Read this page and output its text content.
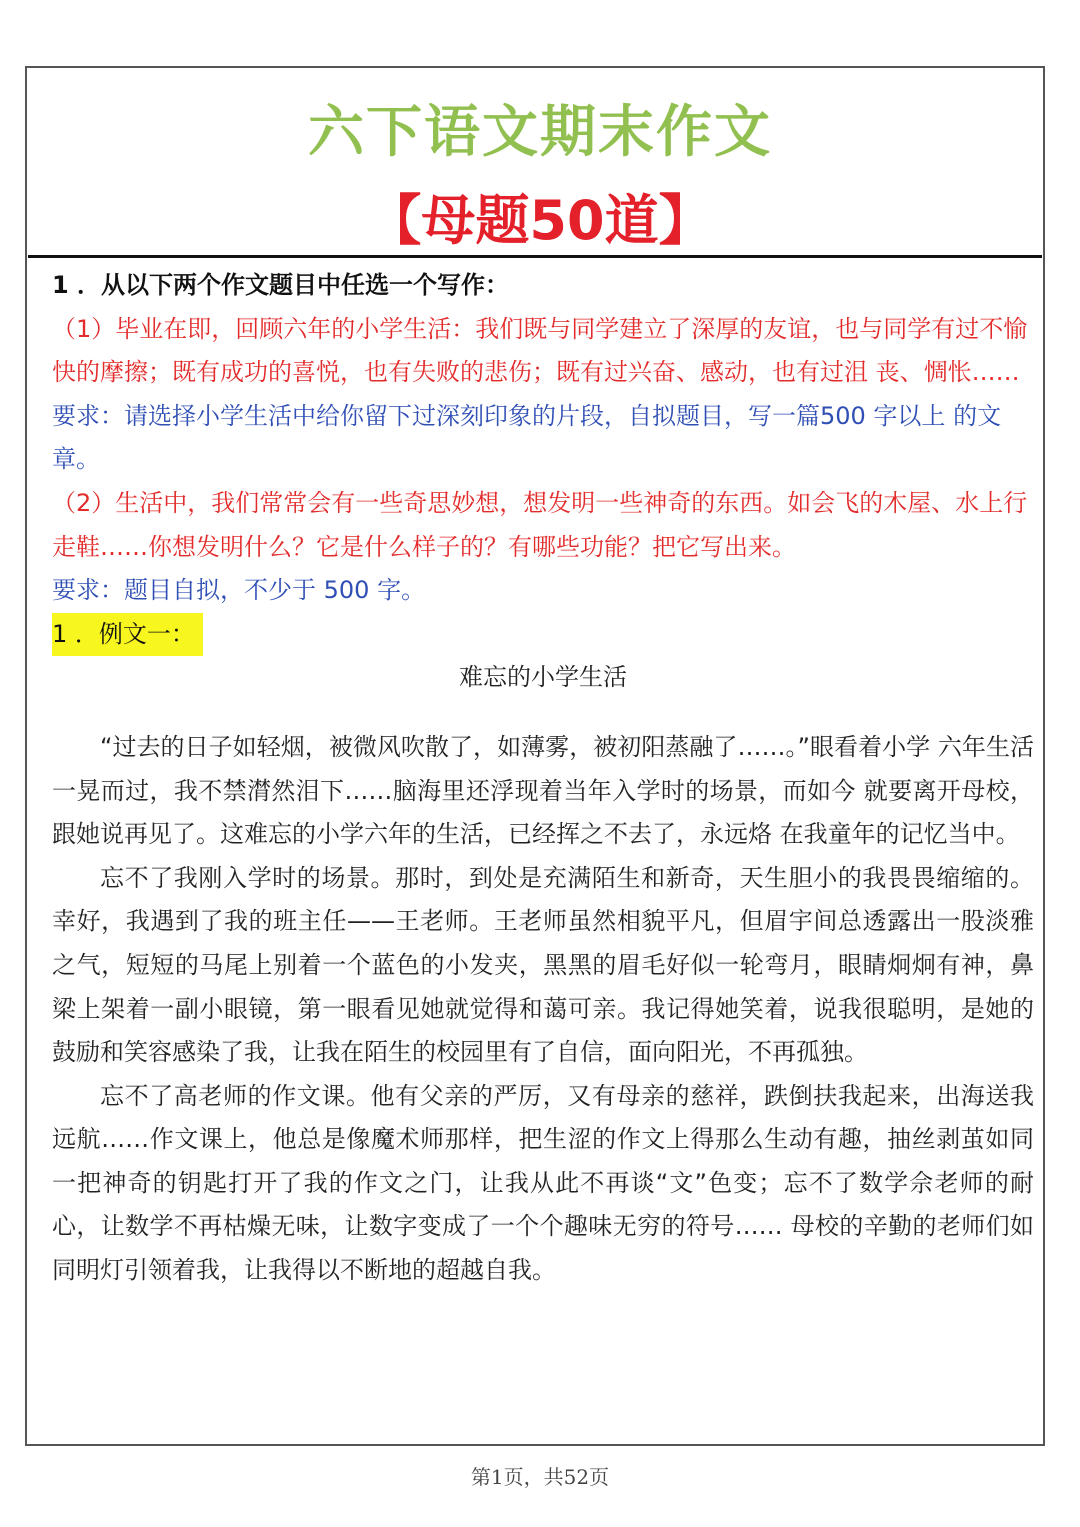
六下语文期末作文
【母题50道】

1 ．从以下两个作文题目中任选一个写作：

（1）毕业在即，回顾六年的小学生活：我们既与同学建立了深厚的友谊，也与同学有过不愉快的摩擦；既有成功的喜悦，也有失败的悲伤；既有过兴奋、感动，也有过沮 丧、惆怅……

要求：请选择小学生活中给你留下过深刻印象的片段，自拟题目，写一篇500 字以上 的文章。

（2）生活中，我们常常会有一些奇思妙想，想发明一些神奇的东西。如会飞的木屋、水上行走鞋……你想发明什么？它是什么样子的？有哪些功能？把它写出来。

要求：题目自拟，不少于 500 字。

1 ．例文一：

难忘的小学生活

“过去的日子如轻烟，被微风吹散了，如薄雾，被初阳蒸融了……。”眼看着小学 六年生活一晃而过，我不禁潸然泪下……脑海里还浮现着当年入学时的场景，而如今 就要离开母校，跟她说再见了。这难忘的小学六年的生活，已经挥之不去了，永远烙 在我童年的记忆当中。

忘不了我刚入学时的场景。那时，到处是充满陌生和新奇，天生胆小的我畏畏缩缩的。幸好，我遇到了我的班主任——王老师。王老师虽然相貌平凡，但眉宇间总透露出一股淡雅之气，短短的马尾上别着一个蓝色的小发夹，黑黑的眉毛好似一轮弯月，眼睛炯炯有神，鼻梁上架着一副小眼镜，第一眼看见她就觉得和蔼可亲。我记得她笑着，说我很聪明，是她的鼓励和笑容感染了我，让我在陌生的校园里有了自信，面向阳光，不再孤独。

忘不了高老师的作文课。他有父亲的严厉，又有母亲的慈祥，跌倒扶我起来，出海送我远航……作文课上，他总是像魔术师那样，把生涩的作文上得那么生动有趣，抽丝剥茧如同一把神奇的钥匙打开了我的作文之门，让我从此不再谈“文”色变；忘不了数学佘老师的耐心，让数学不再枯燥无味，让数字变成了一个个趣味无穷的符号…… 母校的辛勤的老师们如同明灯引领着我，让我得以不断地的超越自我。

第1页，共52页
